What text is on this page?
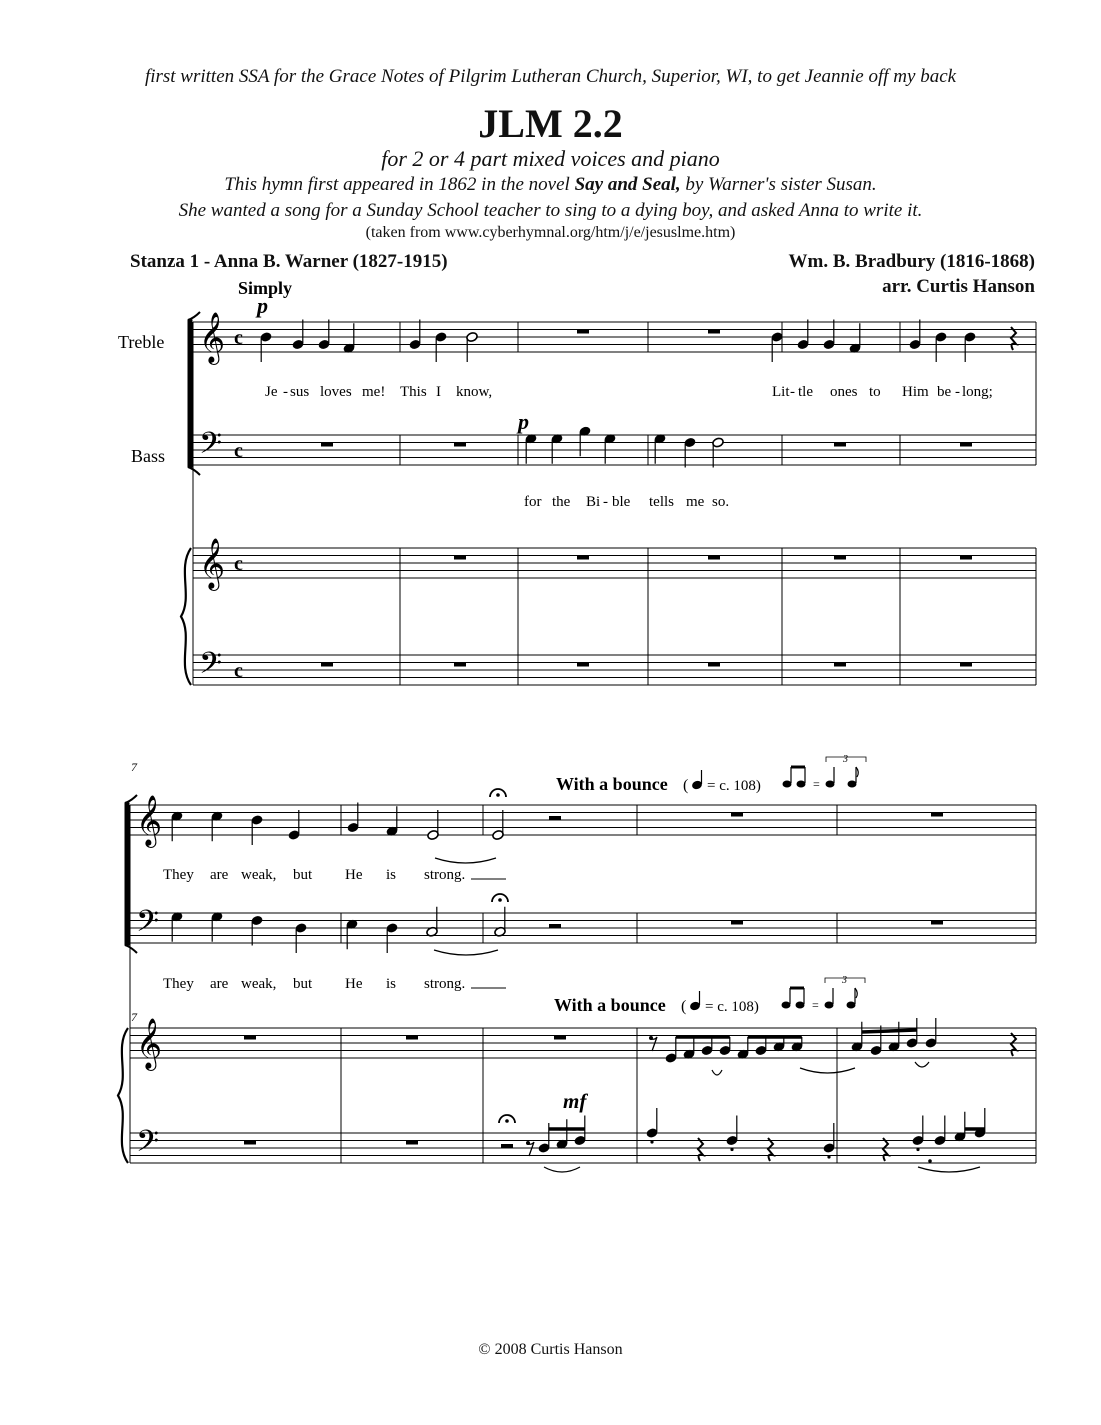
first written SSA for the Grace Notes of Pilgrim Lutheran Church, Superior, WI, to get Jeannie off my back
JLM 2.2
for 2 or 4 part mixed voices and piano
This hymn first appeared in 1862 in the novel Say and Seal, by Warner's sister Susan.
She wanted a song for a Sunday School teacher to sing to a dying boy, and asked Anna to write it.
(taken from www.cyberhymnal.org/htm/j/e/jesuslme.htm)
Stanza 1 - Anna B. Warner (1827-1915)	Wm. B. Bradbury (1816-1868)
arr. Curtis Hanson
© 2008 Curtis Hanson
𝄞
𝄢
𝄞
𝄢
𝄞
𝄢
𝄞
𝄢
c
c
c
c
Simply
p
p
mf
Treble
Bass
7
7
With a bounce ( = c. 108)	=
3
With a bounce ( = c. 108)	=
3
Je - sus loves me! This I know,	Lit - tle ones to Him be - long;
for the Bi - ble tells me so.
They are weak, but He is strong.
They are weak, but He is strong.
